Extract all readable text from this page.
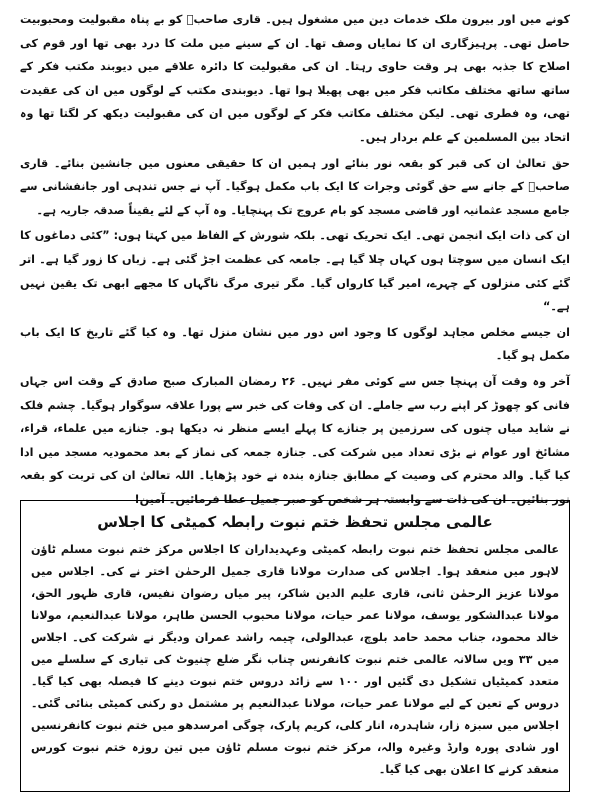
کونے میں اور بیرون ملک خدمات دین میں مشغول ہیں۔ قاری صاحبؒ کو بے پناہ مقبولیت ومحبوبیت حاصل تھی۔ پرہیزگاری ان کا نمایاں وصف تھا۔ ان کے سینے میں ملت کا درد بھی تھا اور قوم کی اصلاح کا جذبہ بھی ہر وقت حاوی رہتا۔ ان کی مقبولیت کا دائرہ علاقے میں دیوبند مکتب فکر کے ساتھ ساتھ مختلف مکاتب فکر میں بھی پھیلا ہوا تھا۔ دیوبندی مکتب کے لوگوں میں ان کی عقیدت تھی، وہ فطری تھی۔ لیکن مختلف مکاتب فکر کے لوگوں میں ان کی مقبولیت دیکھ کر لگتا تھا وہ اتحاد بین المسلمین کے علم بردار ہیں۔

حق تعالیٰ ان کی قبر کو بقعہ نور بنائے اور ہمیں ان کا حقیقی معنوں میں جانشین بنائے۔ قاری صاحبؒ کے جانے سے حق گوئی وجرات کا ایک باب مکمل ہوگیا۔ آپ نے جس تندہی اور جانفشانی سے جامع مسجد عثمانیہ اور قاضی مسجد کو بام عروج تک پہنچایا۔ وہ آپ کے لئے یقیناً صدقہ جاریہ ہے۔

ان کی ذات ایک انجمن تھی۔ ایک تحریک تھی۔ بلکہ شورش کے الفاظ میں کہتا ہوں: ”کئی دماغوں کا ایک انسان میں سوچتا ہوں کہاں چلا گیا ہے۔ جامعہ کی عظمت اجڑ گئی ہے۔ زباں کا زور گیا ہے۔ اتر گئے کئی منزلوں کے چہرے، امیر گیا کارواں گیا۔ مگر تیری مرگ ناگہاں کا مجھے ابھی تک یقین نہیں ہے۔“

ان جیسے مخلص مجاہد لوگوں کا وجود اس دور میں نشان منزل تھا۔ وہ کیا گئے تاریخ کا ایک باب مکمل ہو گیا۔

آخر وہ وقت آن پہنچا جس سے کوئی مفر نہیں۔ ۲۶ رمضان المبارک صبح صادق کے وقت اس جہاں فانی کو چھوڑ کر اپنے رب سے جاملے۔ ان کی وفات کی خبر سے پورا علاقہ سوگوار ہوگیا۔ چشم فلک نے شاید میاں چنوں کی سرزمین پر جنازے کا پہلے ایسے منظر نہ دیکھا ہو۔ جنازے میں علماء، قراء، مشائخ اور عوام نے بڑی تعداد میں شرکت کی۔ جنازہ جمعہ کی نماز کے بعد محمودیہ مسجد میں ادا کیا گیا۔ والد محترم کی وصیت کے مطابق جنازہ بندہ نے خود پڑھایا۔ اللہ تعالیٰ ان کی تربت کو بقعہ نور بنائیں۔ ان کی ذات سے وابستہ ہر شخص کو صبر جمیل عطا فرمائیں۔ آمین!

عالمی مجلس تحفظ ختم نبوت رابطہ کمیٹی کا اجلاس

عالمی مجلس تحفظ ختم نبوت رابطہ کمیٹی وعہدیداران کا اجلاس مرکز ختم نبوت مسلم ٹاؤن لاہور میں منعقد ہوا۔ اجلاس کی صدارت مولانا قاری جمیل الرحمٰن اختر نے کی۔ اجلاس میں مولانا عزیز الرحمٰن ثانی، قاری علیم الدین شاکر، پیر میاں رضوان نفیس، قاری ظہور الحق، مولانا عبدالشکور یوسف، مولانا عمر حیات، مولانا محبوب الحسن طاہر، مولانا عبدالنعیم، مولانا خالد محمود، جناب محمد حامد بلوچ، عبدالولی، چیمہ راشد عمران ودیگر نے شرکت کی۔ اجلاس میں ۳۳ ویں سالانہ عالمی ختم نبوت کانفرنس چناب نگر ضلع چنیوٹ کی تیاری کے سلسلے میں متعدد کمیٹیاں تشکیل دی گئیں اور ۱۰۰ سے زائد دروس ختم نبوت دینے کا فیصلہ بھی کیا گیا۔ دروس کے تعین کے لیے مولانا عمر حیات، مولانا عبدالنعیم پر مشتمل دو رکنی کمیٹی بنائی گئی۔ اجلاس میں سبزہ زار، شاہدرہ، انار کلی، کریم پارک، چوگی امرسدھو میں ختم نبوت کانفرنسیں اور شادی پورہ وارڈ وغیرہ والہ، مرکز ختم نبوت مسلم ٹاؤن میں تین روزہ ختم نبوت کورس منعقد کرنے کا اعلان بھی کیا گیا۔
